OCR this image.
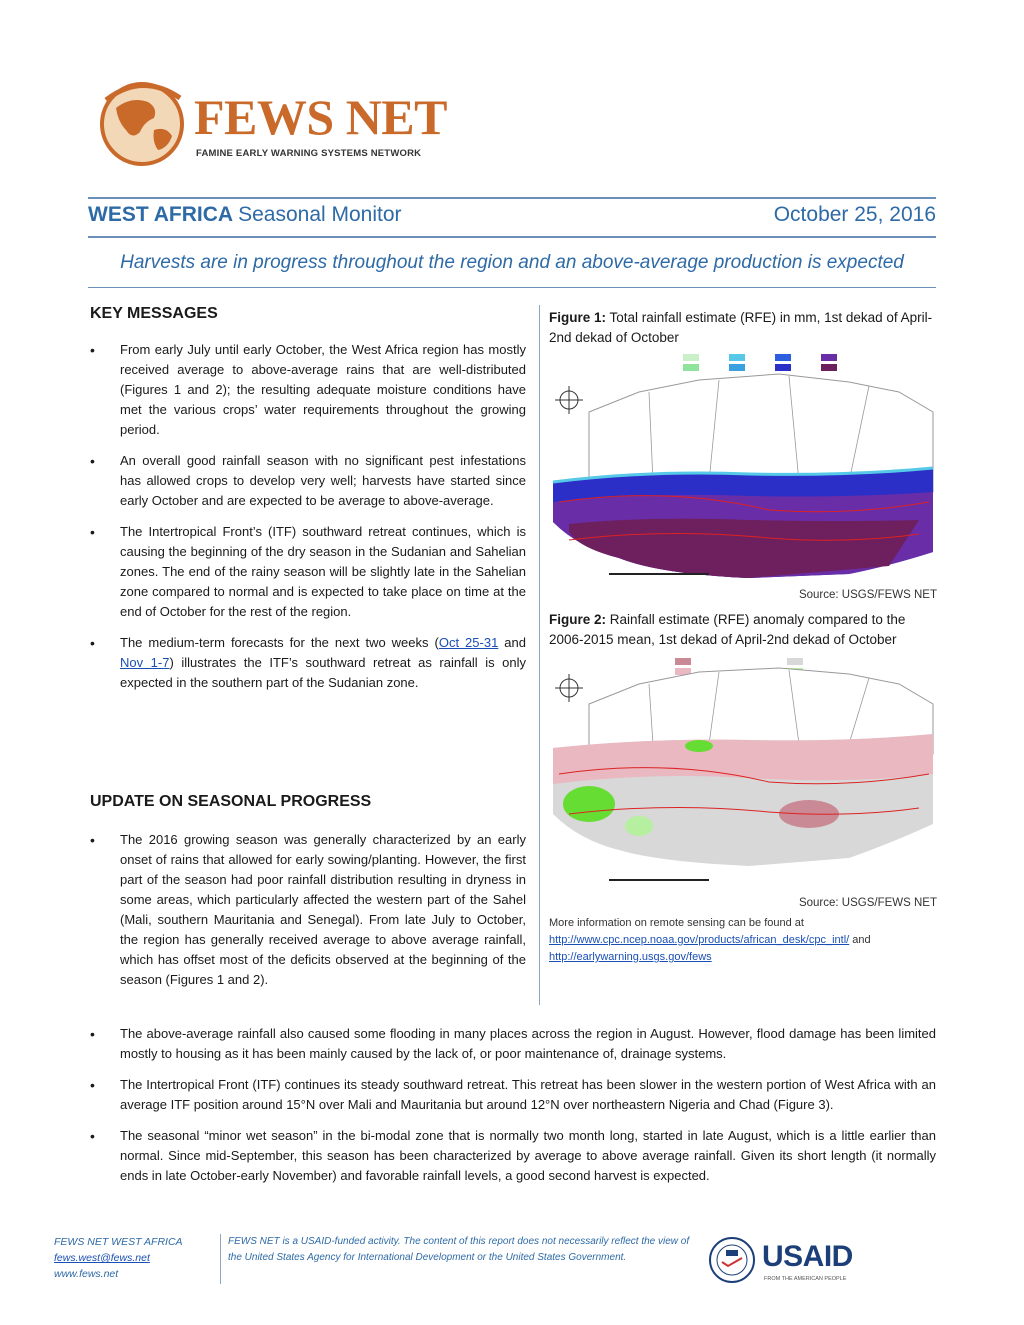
FEWS NET
FAMINE EARLY WARNING SYSTEMS NETWORK
WEST AFRICA Seasonal Monitor	October 25, 2016
Harvests are in progress throughout the region and an above-average production is expected
KEY MESSAGES
• From early July until early October, the West Africa region has mostly received average to above-average rains that are well-distributed (Figures 1 and 2); the resulting adequate moisture conditions have met the various crops’ water requirements throughout the growing period.
• An overall good rainfall season with no significant pest infestations has allowed crops to develop very well; harvests have started since early October and are expected to be average to above-average.
• The Intertropical Front’s (ITF) southward retreat continues, which is causing the beginning of the dry season in the Sudanian and Sahelian zones. The end of the rainy season will be slightly late in the Sahelian zone compared to normal and is expected to take place on time at the end of October for the rest of the region.
• The medium-term forecasts for the next two weeks (Oct 25-31 and Nov 1-7) illustrates the ITF’s southward retreat as rainfall is only expected in the southern part of the Sudanian zone.
UPDATE ON SEASONAL PROGRESS
• The 2016 growing season was generally characterized by an early onset of rains that allowed for early sowing/planting. However, the first part of the season had poor rainfall distribution resulting in dryness in some areas, which particularly affected the western part of the Sahel (Mali, southern Mauritania and Senegal). From late July to October, the region has generally received average to above average rainfall, which has offset most of the deficits observed at the beginning of the season (Figures 1 and 2).
• The above-average rainfall also caused some flooding in many places across the region in August. However, flood damage has been limited mostly to housing as it has been mainly caused by the lack of, or poor maintenance of, drainage systems.
• The Intertropical Front (ITF) continues its steady southward retreat. This retreat has been slower in the western portion of West Africa with an average ITF position around 15°N over Mali and Mauritania but around 12°N over northeastern Nigeria and Chad (Figure 3).
• The seasonal “minor wet season” in the bi-modal zone that is normally two month long, started in late August, which is a little earlier than normal. Since mid-September, this season has been characterized by average to above average rainfall. Given its short length (it normally ends in late October-early November) and favorable rainfall levels, a good second harvest is expected.
Figure 1: Total rainfall estimate (RFE) in mm, 1st dekad of April-2nd dekad of October
Source: USGS/FEWS NET
Figure 2: Rainfall estimate (RFE) anomaly compared to the 2006-2015 mean, 1st dekad of April-2nd dekad of October
Source: USGS/FEWS NET
More information on remote sensing can be found at
http://www.cpc.ncep.noaa.gov/products/african_desk/cpc_intl/ and
http://earlywarning.usgs.gov/fews
FEWS NET WEST AFRICA
fews.west@fews.net
www.fews.net
FEWS NET is a USAID-funded activity. The content of this report does not necessarily reflect the view of the United States Agency for International Development or the United States Government.	USAID
FROM THE AMERICAN PEOPLE
